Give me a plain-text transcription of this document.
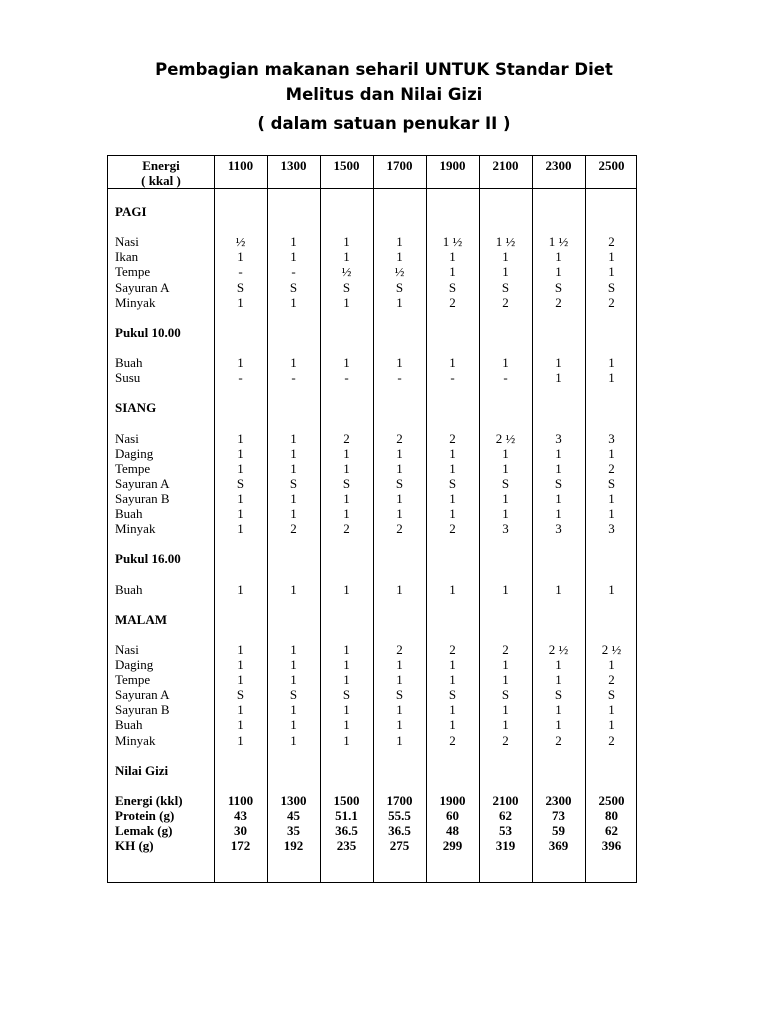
Pembagian makanan seharil UNTUK Standar Diet
Melitus dan Nilai Gizi
( dalam satuan penukar II )
Energi
( kkal )
1100	1300	1500	1700	1900	2100	2300	2500
PAGI
Nasi	½	1	1	1	1 ½	1 ½	1 ½	2
Ikan	1	1	1	1	1	1	1	1
Tempe	-	-	½	½	1	1	1	1
Sayuran A	S	S	S	S	S	S	S	S
Minyak	1	1	1	1	2	2	2	2
Pukul 10.00
Buah	1	1	1	1	1	1	1	1
Susu	-	-	-	-	-	-	1	1
SIANG
Nasi	1	1	2	2	2	2 ½	3	3
Daging	1	1	1	1	1	1	1	1
Tempe	1	1	1	1	1	1	1	2
Sayuran A	S	S	S	S	S	S	S	S
Sayuran B	1	1	1	1	1	1	1	1
Buah	1	1	1	1	1	1	1	1
Minyak	1	2	2	2	2	3	3	3
Pukul 16.00
Buah	1	1	1	1	1	1	1	1
MALAM
Nasi	1	1	1	2	2	2	2 ½	2 ½
Daging	1	1	1	1	1	1	1	1
Tempe	1	1	1	1	1	1	1	2
Sayuran A	S	S	S	S	S	S	S	S
Sayuran B	1	1	1	1	1	1	1	1
Buah	1	1	1	1	1	1	1	1
Minyak	1	1	1	1	2	2	2	2
Nilai Gizi
Energi (kkl)	1100	1300	1500	1700	1900	2100	2300	2500
Protein (g)	43	45	51.1	55.5	60	62	73	80
Lemak (g)	30	35	36.5	36.5	48	53	59	62
KH (g)	172	192	235	275	299	319	369	396
